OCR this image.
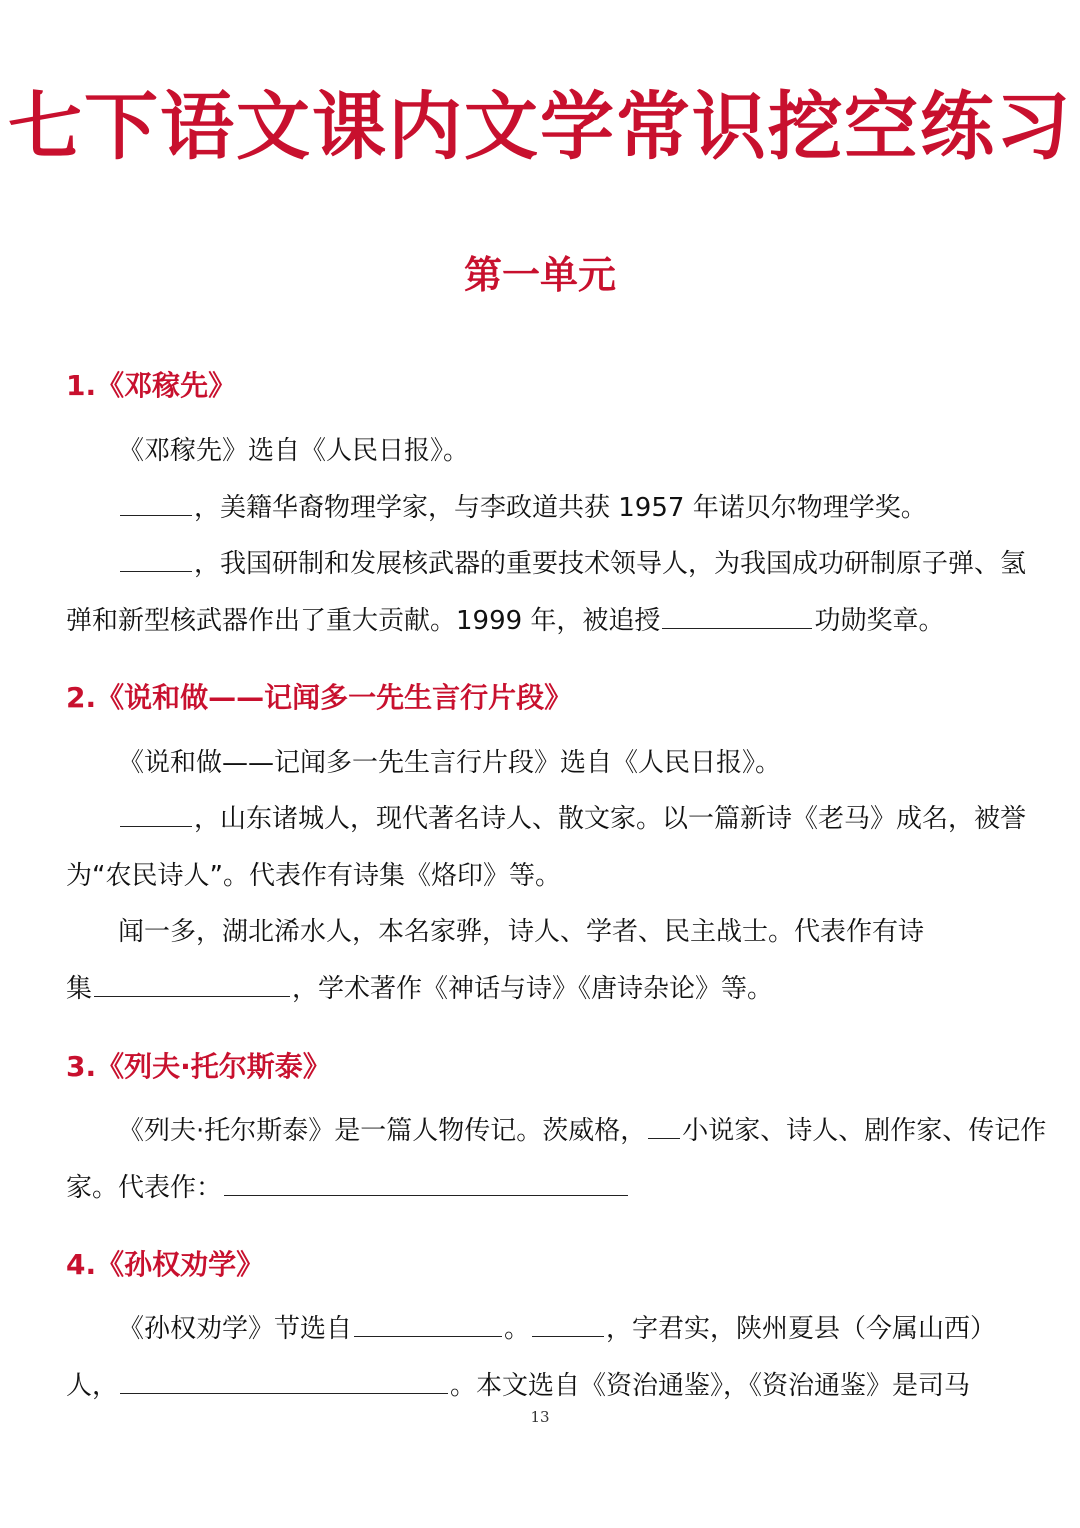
七下语文课内文学常识挖空练习
第一单元
1.《邓稼先》
《邓稼先》选自《人民日报》。
，美籍华裔物理学家，与李政道共获 1957 年诺贝尔物理学奖。
，我国研制和发展核武器的重要技术领导人，为我国成功研制原子弹、氢
弹和新型核武器作出了重大贡献。1999 年，被追授	功勋奖章。
2.《说和做——记闻多一先生言行片段》
《说和做——记闻多一先生言行片段》选自《人民日报》。
，山东诸城人，现代著名诗人、散文家。以一篇新诗《老马》成名，被誉
为“农民诗人”。代表作有诗集《烙印》等。
闻一多，湖北浠水人，本名家骅，诗人、学者、民主战士。代表作有诗
集	，学术著作《神话与诗》《唐诗杂论》等。
3.《列夫·托尔斯泰》
《列夫·托尔斯泰》是一篇人物传记。茨威格， 小说家、诗人、剧作家、传记作
家。代表作：
4.《孙权劝学》
《孙权劝学》节选自	。	，字君实，陕州夏县（今属山西）
人，	。本文选自《资治通鉴》，《资治通鉴》是司马
13
